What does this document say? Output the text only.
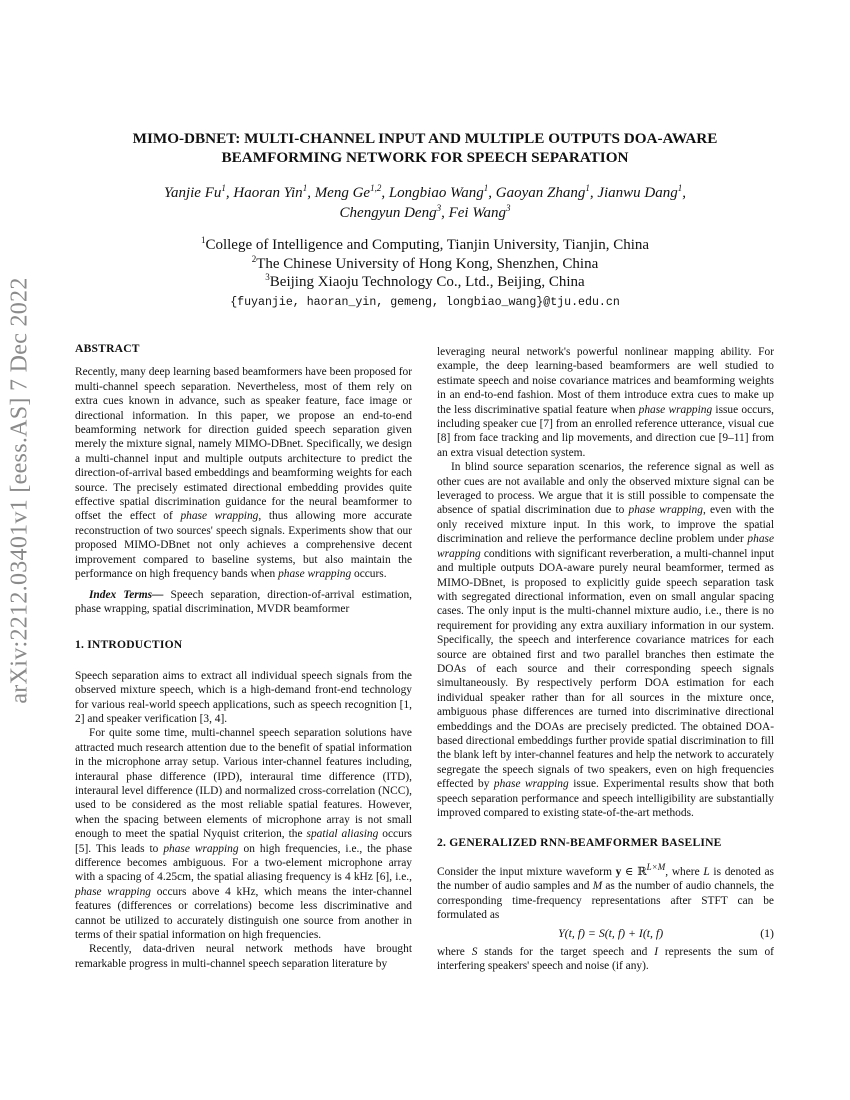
arXiv:2212.03401v1 [eess.AS] 7 Dec 2022
MIMO-DBNET: MULTI-CHANNEL INPUT AND MULTIPLE OUTPUTS DOA-AWARE
BEAMFORMING NETWORK FOR SPEECH SEPARATION
Yanjie Fu$^1$, Haoran Yin$^1$, Meng Ge$^{1,2}$, Longbiao Wang$^1$, Gaoyan Zhang$^1$, Jianwu Dang$^1$,
Chengyun Deng$^3$, Fei Wang$^3$
$^1$College of Intelligence and Computing, Tianjin University, Tianjin, China
$^2$The Chinese University of Hong Kong, Shenzhen, China
$^3$Beijing Xiaoju Technology Co., Ltd., Beijing, China
{fuyanjie, haoran_yin, gemeng, longbiao_wang}@tju.edu.cn

ABSTRACT

Recently, many deep learning based beamformers have been proposed for multi-channel speech separation. Nevertheless, most of them rely on extra cues known in advance, such as speaker feature, face image or directional information. In this paper, we propose an end-to-end beamforming network for direction guided speech separation given merely the mixture signal, namely MIMO-DBnet. Specifically, we design a multi-channel input and multiple outputs architecture to predict the direction-of-arrival based embeddings and beamforming weights for each source. The precisely estimated directional embedding provides quite effective spatial discrimination guidance for the neural beamformer to offset the effect of phase wrapping, thus allowing more accurate reconstruction of two sources' speech signals. Experiments show that our proposed MIMO-DBnet not only achieves a comprehensive decent improvement compared to baseline systems, but also maintain the performance on high frequency bands when phase wrapping occurs.

Index Terms— Speech separation, direction-of-arrival estimation, phase wrapping, spatial discrimination, MVDR beamformer

1. INTRODUCTION

Speech separation aims to extract all individual speech signals from the observed mixture speech, which is a high-demand front-end technology for various real-world speech applications, such as speech recognition [1, 2] and speaker verification [3, 4].

For quite some time, multi-channel speech separation solutions have attracted much research attention due to the benefit of spatial information in the microphone array setup. Various inter-channel features including, interaural phase difference (IPD), interaural time difference (ITD), interaural level difference (ILD) and normalized cross-correlation (NCC), used to be considered as the most reliable spatial features. However, when the spacing between elements of microphone array is not small enough to meet the spatial Nyquist criterion, the spatial aliasing occurs [5]. This leads to phase wrapping on high frequencies, i.e., the phase difference becomes ambiguous. For a two-element microphone array with a spacing of 4.25cm, the spatial aliasing frequency is 4 kHz [6], i.e., phase wrapping occurs above 4 kHz, which means the inter-channel features (differences or correlations) become less discriminative and cannot be utilized to accurately distinguish one source from another in terms of their spatial information on high frequencies.

Recently, data-driven neural network methods have brought remarkable progress in multi-channel speech separation literature by

leveraging neural network's powerful nonlinear mapping ability. For example, the deep learning-based beamformers are well studied to estimate speech and noise covariance matrices and beamforming weights in an end-to-end fashion. Most of them introduce extra cues to make up the less discriminative spatial feature when phase wrapping issue occurs, including speaker cue [7] from an enrolled reference utterance, visual cue [8] from face tracking and lip movements, and direction cue [9–11] from an extra visual detection system.

In blind source separation scenarios, the reference signal as well as other cues are not available and only the observed mixture signal can be leveraged to process. We argue that it is still possible to compensate the absence of spatial discrimination due to phase wrapping, even with the only received mixture input. In this work, to improve the spatial discrimination and relieve the performance decline problem under phase wrapping conditions with significant reverberation, a multi-channel input and multiple outputs DOA-aware purely neural beamformer, termed as MIMO-DBnet, is proposed to explicitly guide speech separation task with segregated directional information, even on small angular spacing cases. The only input is the multi-channel mixture audio, i.e., there is no requirement for providing any extra auxiliary information in our system. Specifically, the speech and interference covariance matrices for each source are obtained first and two parallel branches then estimate the DOAs of each source and their corresponding speech signals simultaneously. By respectively perform DOA estimation for each individual speaker rather than for all sources in the mixture once, ambiguous phase differences are turned into discriminative directional embeddings and the DOAs are precisely predicted. The obtained DOA-based directional embeddings further provide spatial discrimination to fill the blank left by inter-channel features and help the network to accurately segregate the speech signals of two speakers, even on high frequencies effected by phase wrapping issue. Experimental results show that both speech separation performance and speech intelligibility are substantially improved compared to existing state-of-the-art methods.

2. GENERALIZED RNN-BEAMFORMER BASELINE

Consider the input mixture waveform y ∈ ℝ$^{L\times M}$, where L is denoted as the number of audio samples and M as the number of audio channels, the corresponding time-frequency representations after STFT can be formulated as

Y(t, f) = S(t, f) + I(t, f)	(1)

where S stands for the target speech and I represents the sum of interfering speakers' speech and noise (if any).
